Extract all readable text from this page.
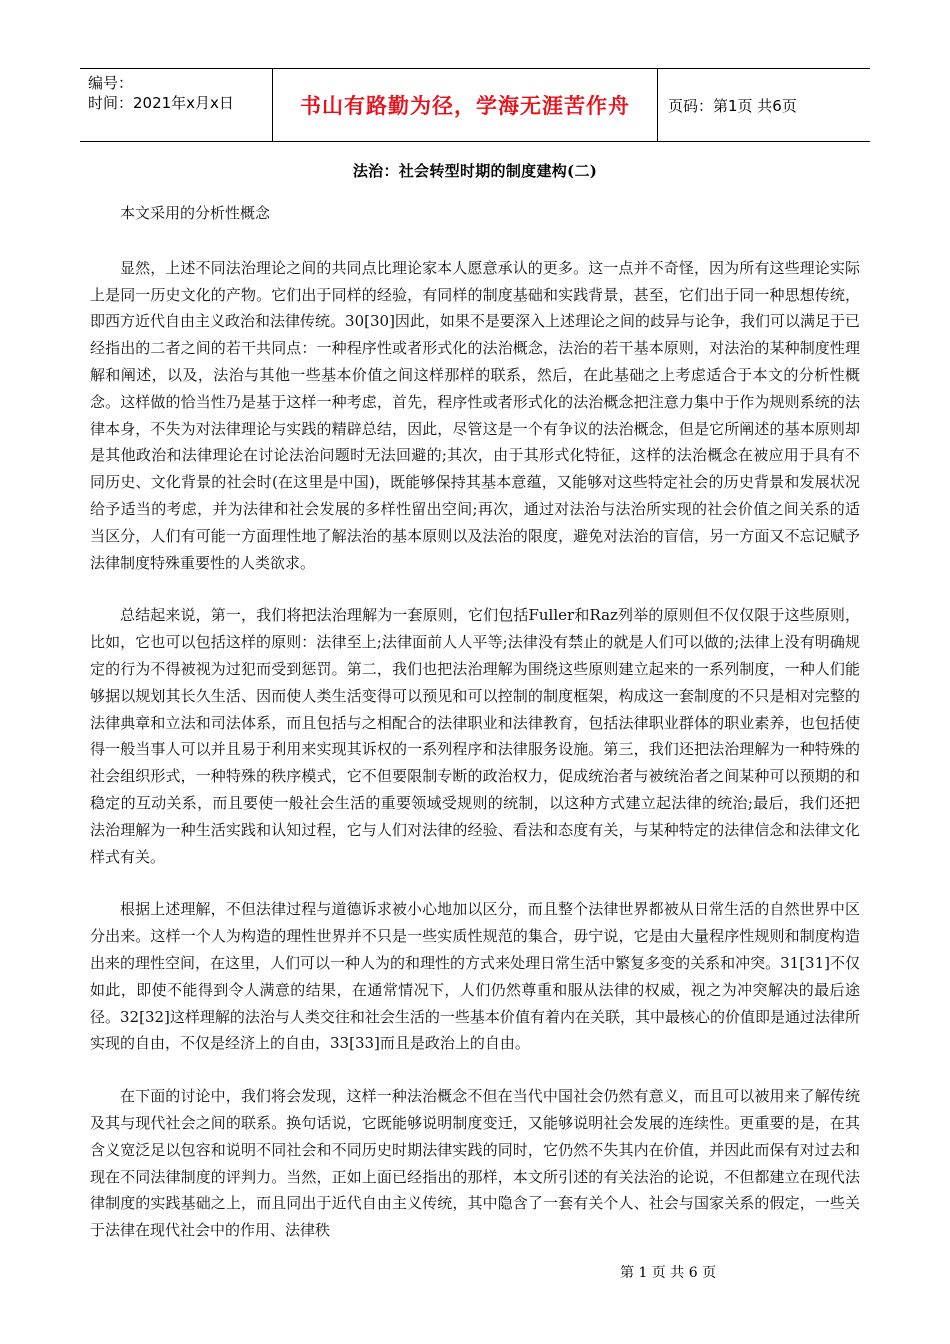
编号：
时间：2021年x月x日	书山有路勤为径，学海无涯苦作舟	页码：第1页 共6页
法治：社会转型时期的制度建构(二)

本文采用的分析性概念

显然，上述不同法治理论之间的共同点比理论家本人愿意承认的更多。这一点并不奇怪，因为所有这些理论实际上是同一历史文化的产物。它们出于同样的经验，有同样的制度基础和实践背景，甚至，它们出于同一种思想传统，即西方近代自由主义政治和法律传统。30[30]因此，如果不是要深入上述理论之间的歧异与论争，我们可以满足于已经指出的二者之间的若干共同点：一种程序性或者形式化的法治概念，法治的若干基本原则，对法治的某种制度性理解和阐述，以及，法治与其他一些基本价值之间这样那样的联系，然后，在此基础之上考虑适合于本文的分析性概念。这样做的恰当性乃是基于这样一种考虑，首先，程序性或者形式化的法治概念把注意力集中于作为规则系统的法律本身，不失为对法律理论与实践的精辟总结，因此，尽管这是一个有争议的法治概念，但是它所阐述的基本原则却是其他政治和法律理论在讨论法治问题时无法回避的;其次，由于其形式化特征，这样的法治概念在被应用于具有不同历史、文化背景的社会时(在这里是中国)，既能够保持其基本意蕴，又能够对这些特定社会的历史背景和发展状况给予适当的考虑，并为法律和社会发展的多样性留出空间;再次，通过对法治与法治所实现的社会价值之间关系的适当区分，人们有可能一方面理性地了解法治的基本原则以及法治的限度，避免对法治的盲信，另一方面又不忘记赋予法律制度特殊重要性的人类欲求。

总结起来说，第一，我们将把法治理解为一套原则，它们包括Fuller和Raz列举的原则但不仅仅限于这些原则，比如，它也可以包括这样的原则：法律至上;法律面前人人平等;法律没有禁止的就是人们可以做的;法律上没有明确规定的行为不得被视为过犯而受到惩罚。第二，我们也把法治理解为围绕这些原则建立起来的一系列制度，一种人们能够据以规划其长久生活、因而使人类生活变得可以预见和可以控制的制度框架，构成这一套制度的不只是相对完整的法律典章和立法和司法体系，而且包括与之相配合的法律职业和法律教育，包括法律职业群体的职业素养，也包括使得一般当事人可以并且易于利用来实现其诉权的一系列程序和法律服务设施。第三，我们还把法治理解为一种特殊的社会组织形式，一种特殊的秩序模式，它不但要限制专断的政治权力，促成统治者与被统治者之间某种可以预期的和稳定的互动关系，而且要使一般社会生活的重要领域受规则的统制，以这种方式建立起法律的统治;最后，我们还把法治理解为一种生活实践和认知过程，它与人们对法律的经验、看法和态度有关，与某种特定的法律信念和法律文化样式有关。

根据上述理解，不但法律过程与道德诉求被小心地加以区分，而且整个法律世界都被从日常生活的自然世界中区分出来。这样一个人为构造的理性世界并不只是一些实质性规范的集合，毋宁说，它是由大量程序性规则和制度构造出来的理性空间，在这里，人们可以一种人为的和理性的方式来处理日常生活中繁复多变的关系和冲突。31[31]不仅如此，即使不能得到令人满意的结果，在通常情况下，人们仍然尊重和服从法律的权威，视之为冲突解决的最后途径。32[32]这样理解的法治与人类交往和社会生活的一些基本价值有着内在关联，其中最核心的价值即是通过法律所实现的自由，不仅是经济上的自由，33[33]而且是政治上的自由。

在下面的讨论中，我们将会发现，这样一种法治概念不但在当代中国社会仍然有意义，而且可以被用来了解传统及其与现代社会之间的联系。换句话说，它既能够说明制度变迁，又能够说明社会发展的连续性。更重要的是，在其含义宽泛足以包容和说明不同社会和不同历史时期法律实践的同时，它仍然不失其内在价值，并因此而保有对过去和现在不同法律制度的评判力。当然，正如上面已经指出的那样，本文所引述的有关法治的论说，不但都建立在现代法律制度的实践基础之上，而且同出于近代自由主义传统，其中隐含了一套有关个人、社会与国家关系的假定，一些关于法律在现代社会中的作用、法律秩

第 1 页 共 6 页
